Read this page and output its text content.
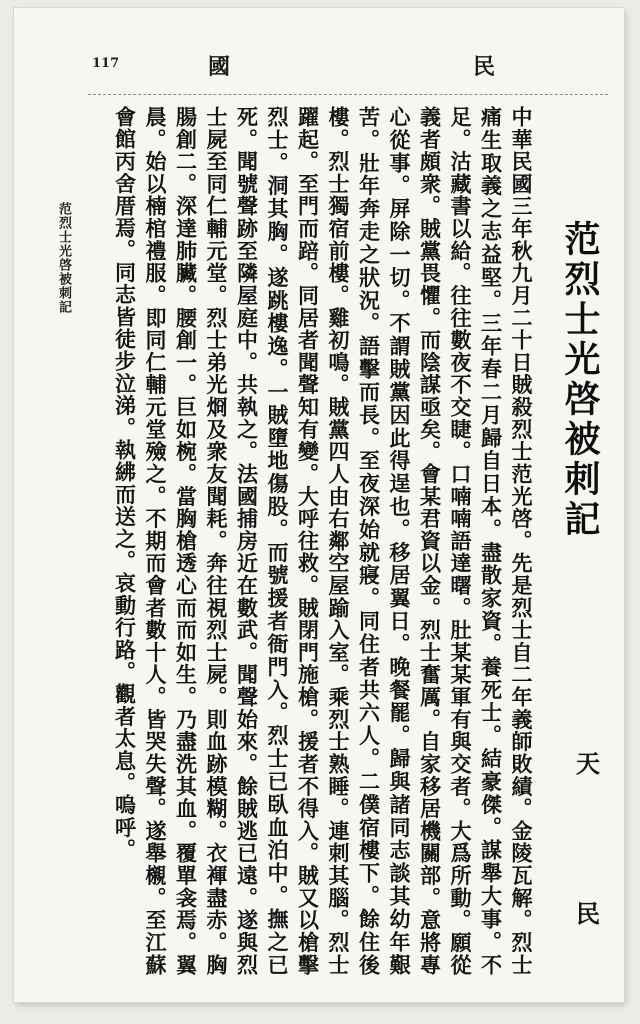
117	國	民
范烈士光啓被刺記
天
民

中華民國三年秋九月二十日賊殺烈士范光啓。先是烈士自二年義師敗績。金陵瓦解。烈士痛生取義之志益堅。三年春二月歸自日本。盡散家資。養死士。結豪傑。謀舉大事。不足。沽藏書以給。往往數夜不交睫。口喃喃語達曙。肚某某軍有與交者。大爲所動。願從義者頗衆。賊黨畏懼。而陰謀亟矣。會某君資以金。烈士奮厲。自家移居機關部。意將專心從事。屏除一切。不謂賊黨因此得逞也。移居翼日。晚餐罷。歸與諸同志談其幼年艱苦。壯年奔走之狀況。語擊而長。至夜深始就寢。同住者共六人。二僕宿樓下。餘住後樓。烈士獨宿前樓。雞初鳴。賊黨四人由右鄰空屋踰入室。乘烈士熟睡。連刺其腦。烈士躍起。至門而踣。同居者聞聲知有變。大呼往救。賊閉門施槍。援者不得入。賊又以槍擊烈士。洞其胸。遂跳樓逸。一賊墮地傷股。而號援者衙門入。烈士已臥血泊中。撫之已死。聞號聲跡至隣屋庭中。共執之。法國捕房近在數武。聞聲始來。餘賊逃已遠。遂與烈士屍至同仁輔元堂。烈士弟光烱及衆友聞耗。奔往視烈士屍。則血跡模糊。衣褌盡赤。胸腸創二。深達肺臟。腰創一。巨如椀。當胸槍透心而而如生。乃盡洗其血。覆單衾焉。翼晨。始以楠棺禮服。即同仁輔元堂殮之。不期而會者數十人。皆哭失聲。遂舉櫬。至江蘇會館丙舍厝焉。同志皆徒步泣涕。執紼而送之。哀動行路。觀者太息。嗚呼。

范烈士光啓被刺記
